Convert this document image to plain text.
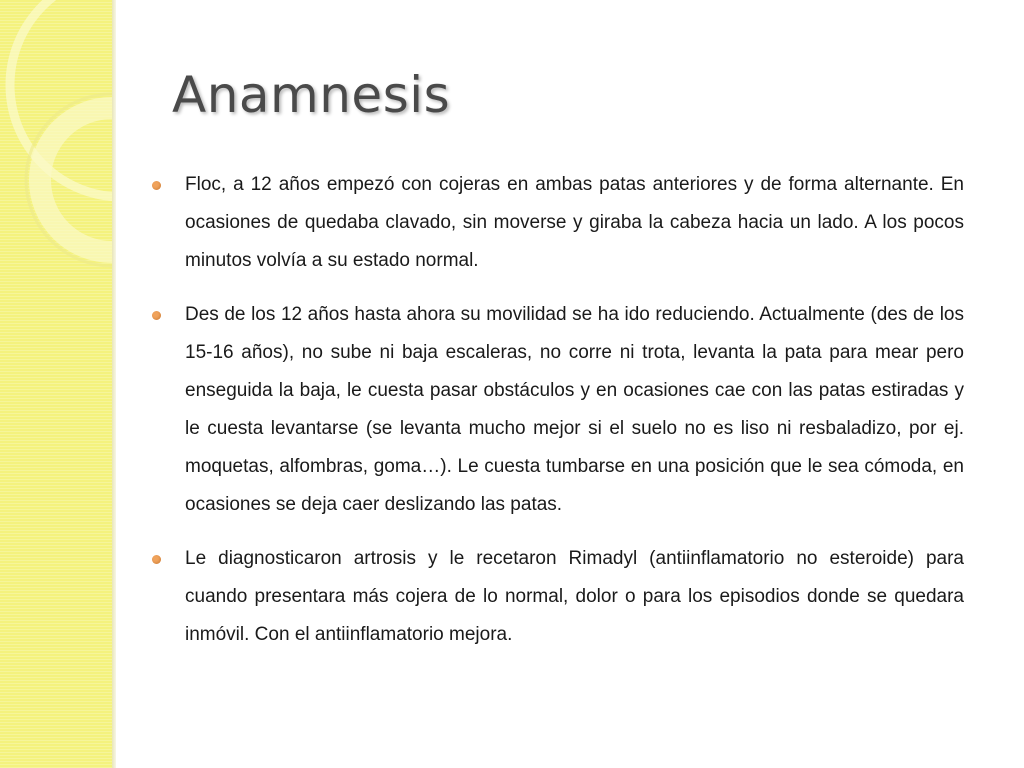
Anamnesis
Floc, a 12 años empezó con cojeras en ambas patas anteriores y de forma alternante. En ocasiones de quedaba clavado, sin moverse y giraba la cabeza hacia un lado. A los pocos minutos volvía a su estado normal.
Des de los 12 años hasta ahora su movilidad se ha ido reduciendo. Actualmente (des de los 15-16 años), no sube ni baja escaleras, no corre ni trota, levanta la pata para mear pero enseguida la baja, le cuesta pasar obstáculos y en ocasiones cae con las patas estiradas y le cuesta levantarse (se levanta mucho mejor si el suelo no es liso ni resbaladizo, por ej. moquetas, alfombras, goma…). Le cuesta tumbarse en una posición que le sea cómoda, en ocasiones se deja caer deslizando las patas.
Le diagnosticaron artrosis y le recetaron Rimadyl (antiinflamatorio no esteroide) para cuando presentara más cojera de lo normal, dolor o para los episodios donde se quedara inmóvil. Con el antiinflamatorio mejora.
